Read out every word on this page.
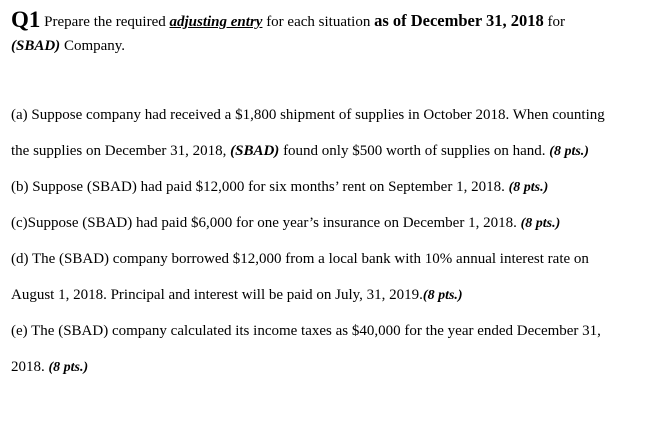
Q1 Prepare the required adjusting entry for each situation as of December 31, 2018 for

(SBAD) Company.

(a) Suppose company had received a $1,800 shipment of supplies in October 2018. When counting
the supplies on December 31, 2018, (SBAD) found only $500 worth of supplies on hand. (8 pts.)
(b) Suppose (SBAD) had paid $12,000 for six months’ rent on September 1, 2018. (8 pts.)
(c)Suppose (SBAD) had paid $6,000 for one year’s insurance on December 1, 2018. (8 pts.)
(d) The (SBAD) company borrowed $12,000 from a local bank with 10% annual interest rate on
August 1, 2018. Principal and interest will be paid on July, 31, 2019.(8 pts.)
(e) The (SBAD) company calculated its income taxes as $40,000 for the year ended December 31,
2018. (8 pts.)
